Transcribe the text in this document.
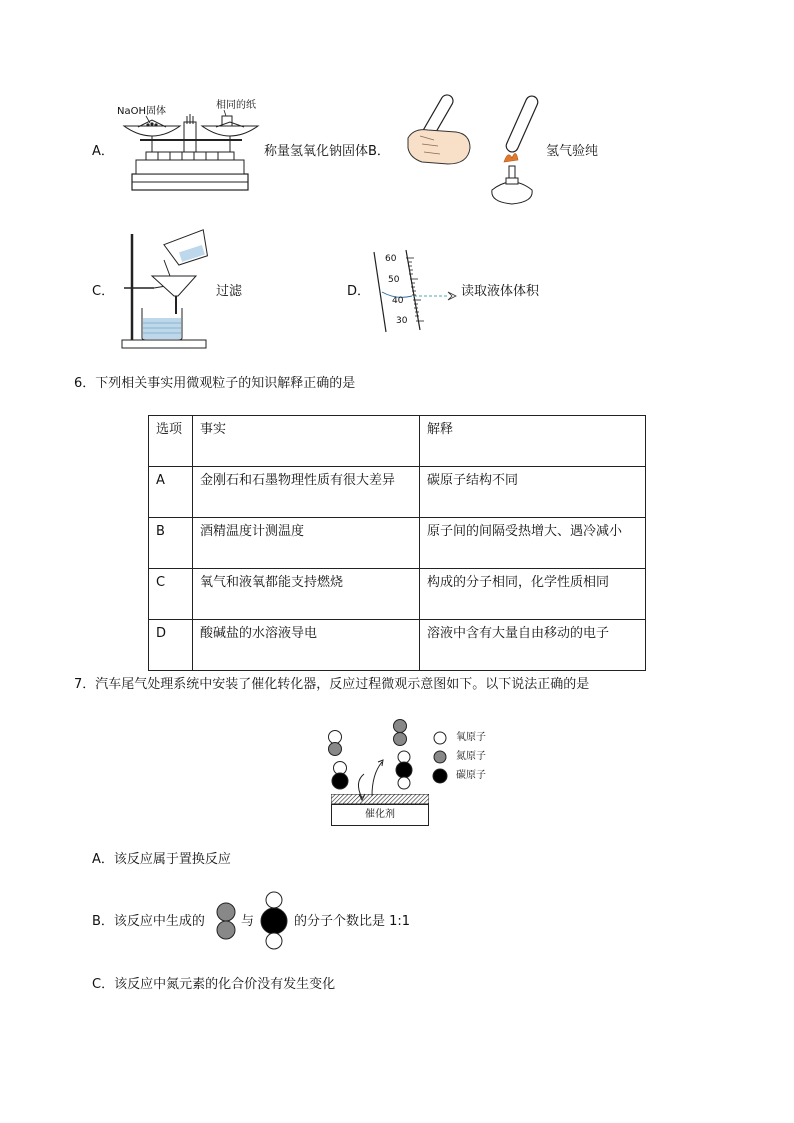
A．
NaOH固体
相同的纸
称量氢氧化钠固体 B．	氢气验纯
C．	过滤	D．
60
50
40
30
读取液体体积
6．下列相关事实用微观粒子的知识解释正确的是
选项	事实	解释
A	金刚石和石墨物理性质有很大差异	碳原子结构不同
B	酒精温度计测温度	原子间的间隔受热增大、遇冷减小
C	氧气和液氧都能支持燃烧	构成的分子相同，化学性质相同
D	酸碱盐的水溶液导电	溶液中含有大量自由移动的电子
7．汽车尾气处理系统中安装了催化转化器，反应过程微观示意图如下。以下说法正确的是
催化剂
氧原子
氮原子
碳原子
A．该反应属于置换反应
B．该反应中生成的	与	的分子个数比是 1:1
C．该反应中氮元素的化合价没有发生变化
